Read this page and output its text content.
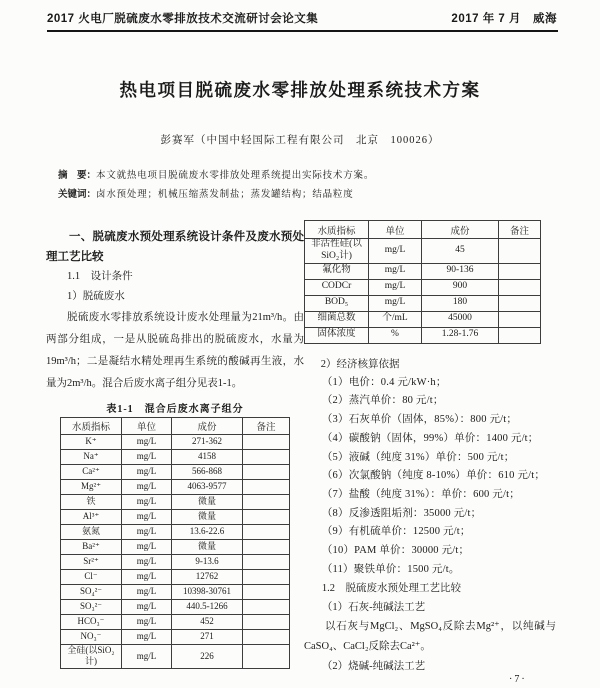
2017 火电厂脱硫废水零排放技术交流研讨会论文集	2017 年 7 月　威海
热电项目脱硫废水零排放处理系统技术方案
彭赛军（中国中轻国际工程有限公司　北京　100026）
摘　要：本文就热电项目脱硫废水零排放处理系统提出实际技术方案。
关键词：卤水预处理；机械压缩蒸发制盐；蒸发罐结构；结晶粒度
一、脱硫废水预处理系统设计条件及废水预处理工艺比较
1.1　设计条件
1）脱硫废水

脱硫废水零排放系统设计废水处理量为21m³/h。由两部分组成，一是从脱硫岛排出的脱硫废水，水量为19m³/h；二是凝结水精处理再生系统的酸碱再生液，水量为2m³/h。混合后废水离子组分见表1-1。

表1-1　混合后废水离子组分
水质指标	单位	成份	备注
K⁺	mg/L	271-362	
Na⁺	mg/L	4158	
Ca²⁺	mg/L	566-868	
Mg²⁺	mg/L	4063-9577	
铁	mg/L	微量	
Al³⁺	mg/L	微量	
氨氮	mg/L	13.6-22.6	
Ba²⁺	mg/L	微量	
Sr²⁺	mg/L	9-13.6	
Cl⁻	mg/L	12762	
SO₄²⁻	mg/L	10398-30761	
SO₃²⁻	mg/L	440.5-1266	
HCO₃⁻	mg/L	452	
NO₃⁻	mg/L	271	
全硅(以SiO₂计)	mg/L	226	
水质指标	单位	成份	备注
非活性硅(以SiO₂计)	mg/L	45	
氟化物	mg/L	90-136	
CODCr	mg/L	900	
BOD₅	mg/L	180	
细菌总数	个/mL	45000	
固体浓度	%	1.28-1.76	
2）经济核算依据
（1）电价：0.4 元/kW·h；
（2）蒸汽单价：80 元/t；
（3）石灰单价（固体，85%）：800 元/t；
（4）碳酸钠（固体，99%）单价：1400 元/t；
（5）液碱（纯度 31%）单价：500 元/t；
（6）次氯酸钠（纯度 8-10%）单价：610 元/t；
（7）盐酸（纯度 31%）：单价：600 元/t；
（8）反渗透阻垢剂：35000 元/t；
（9）有机硫单价：12500 元/t；
（10）PAM 单价：30000 元/t；
（11）聚铁单价：1500 元/t。
1.2　脱硫废水预处理工艺比较
（1）石灰-纯碱法工艺

以石灰与MgCl₂、MgSO₄反除去Mg²⁺，以纯碱与CaSO₄、CaCl₂反除去Ca²⁺。

（2）烧碱-纯碱法工艺
·7·
